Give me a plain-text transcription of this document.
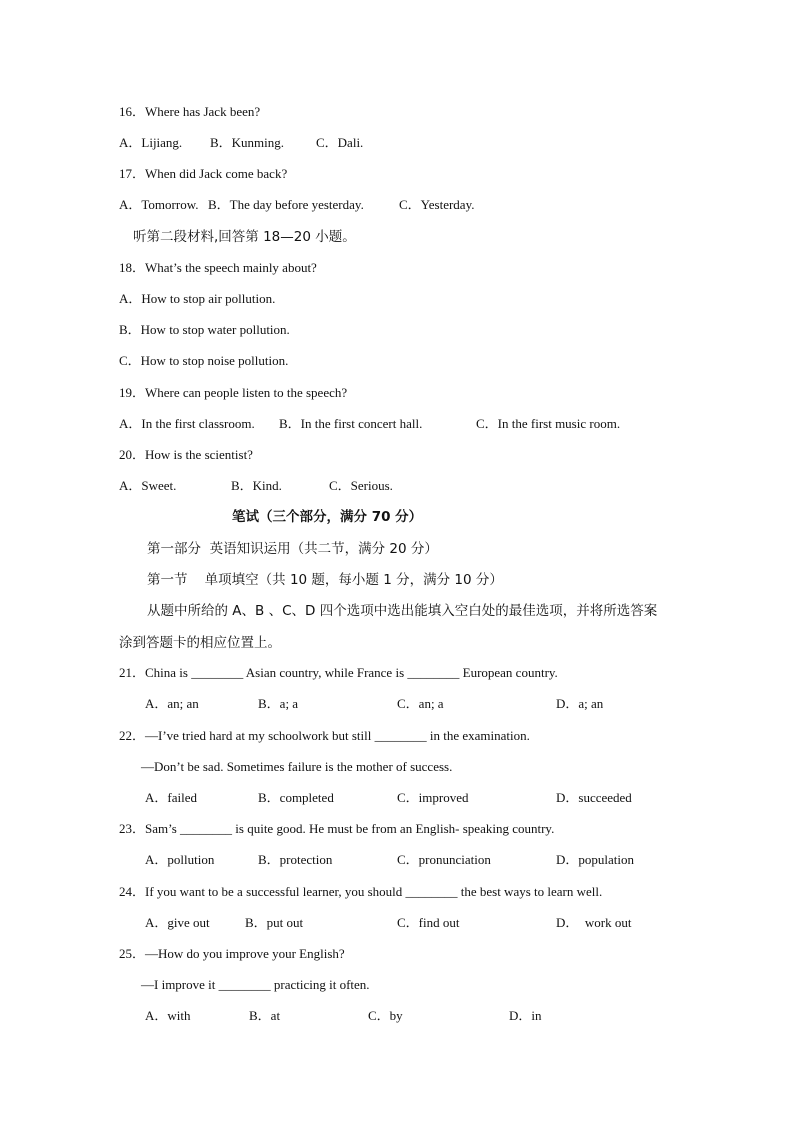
16．Where has Jack been?
A．Lijiang. B．Kunming. C．Dali.
17．When did Jack come back?
A．Tomorrow. B．The day before yesterday.	C．Yesterday.
听第二段材料,回答第 18—20 小题。
18．What’s the speech mainly about?
A．How to stop air pollution.
B．How to stop water pollution.
C．How to stop noise pollution.
19．Where can people listen to the speech?
A．In the first classroom. B．In the first concert hall.	C．In the first music room.
20．How is the scientist?
A．Sweet.	B．Kind.	C．Serious.
笔试（三个部分，满分 70 分）
第一部分  英语知识运用（共二节，满分 20 分）
第一节    单项填空（共 10 题，每小题 1 分，满分 10 分）
从题中所给的 A、B 、C、D 四个选项中选出能填入空白处的最佳选项，并将所选答案
涂到答题卡的相应位置上。
21．China is ________ Asian country, while France is ________ European country.
A．an; an	B．a; a	C．an; a	D．a; an
22．—I’ve tried hard at my schoolwork but still ________ in the examination.
—Don’t be sad. Sometimes failure is the mother of success.
A．failed	B．completed	C．improved	D．succeeded
23．Sam’s ________ is quite good. He must be from an English- speaking country.
A．pollution	B．protection	C．pronunciation	D．population
24．If you want to be a successful learner, you should ________ the best ways to learn well.
A．give out	B．put out	C．find out	D．  work out
25．—How do you improve your English?
—I improve it ________ practicing it often.
A．with	B．at	C．by	D．in
